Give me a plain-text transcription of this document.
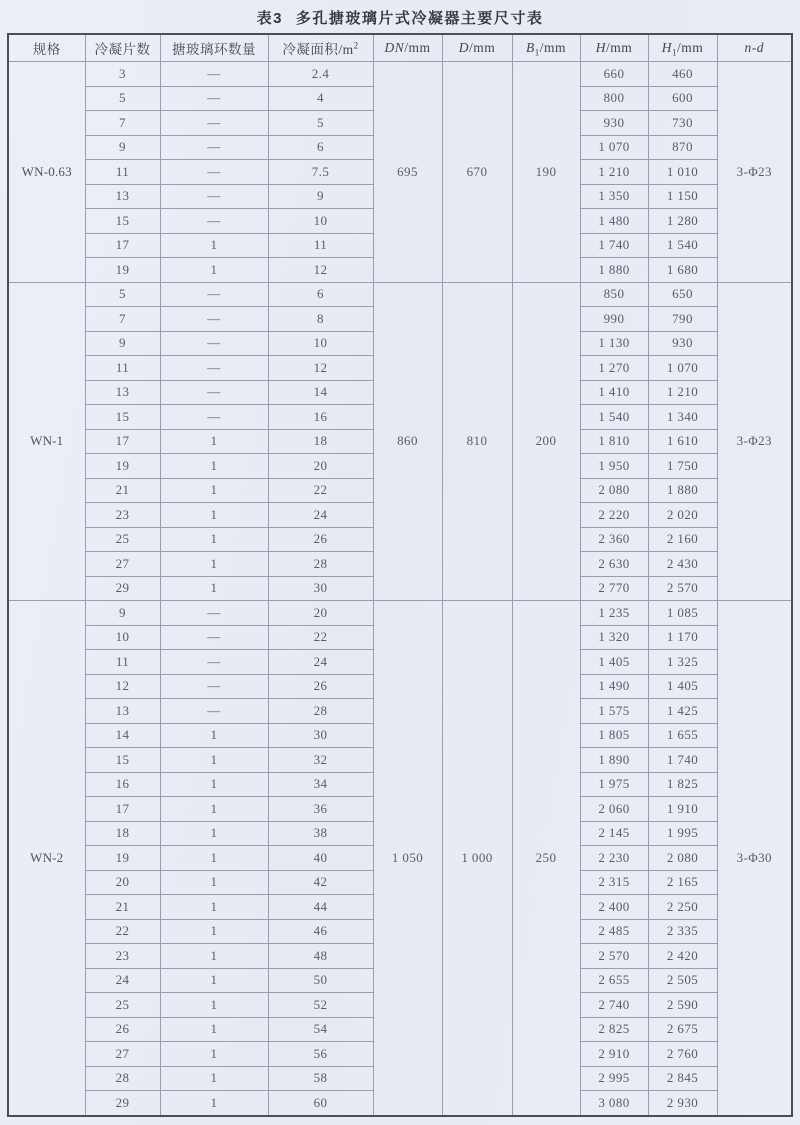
表3 多孔搪玻璃片式冷凝器主要尺寸表
规格	冷凝片数	搪玻璃环数量	冷凝面积$/m^2$	DN/mm	D/mm	$B_1/mm$	H/mm	$H_1/mm$	n-d
WN-0.63	3	—	2.4	695	670	190	660	460	3-Φ23
	5	—	4				800	600	
	7	—	5				930	730	
	9	—	6				1 070	870	
	11	—	7.5				1 210	1 010	
	13	—	9				1 350	1 150	
	15	—	10				1 480	1 280	
	17	1	11				1 740	1 540	
	19	1	12				1 880	1 680	
WN-1	5	—	6	860	810	200	850	650	3-Φ23
	7	—	8				990	790	
	9	—	10				1 130	930	
	11	—	12				1 270	1 070	
	13	—	14				1 410	1 210	
	15	—	16				1 540	1 340	
	17	1	18				1 810	1 610	
	19	1	20				1 950	1 750	
	21	1	22				2 080	1 880	
	23	1	24				2 220	2 020	
	25	1	26				2 360	2 160	
	27	1	28				2 630	2 430	
	29	1	30				2 770	2 570	
WN-2	9	—	20	1 050	1 000	250	1 235	1 085	3-Φ30
	10	—	22				1 320	1 170	
	11	—	24				1 405	1 325	
	12	—	26				1 490	1 405	
	13	—	28				1 575	1 425	
	14	1	30				1 805	1 655	
	15	1	32				1 890	1 740	
	16	1	34				1 975	1 825	
	17	1	36				2 060	1 910	
	18	1	38				2 145	1 995	
	19	1	40				2 230	2 080	
	20	1	42				2 315	2 165	
	21	1	44				2 400	2 250	
	22	1	46				2 485	2 335	
	23	1	48				2 570	2 420	
	24	1	50				2 655	2 505	
	25	1	52				2 740	2 590	
	26	1	54				2 825	2 675	
	27	1	56				2 910	2 760	
	28	1	58				2 995	2 845	
	29	1	60				3 080	2 930	
